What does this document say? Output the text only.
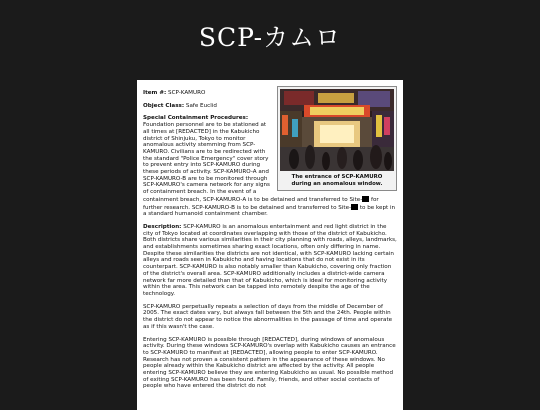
SCP-カムロ
The entrance of SCP-KAMURO during an anomalous window.
Item #: SCP-KAMURO
Object Class: Safe Euclid
Special Containment Procedures:

Foundation personnel are to be stationed at all times at [REDACTED] in the Kabukicho district of Shinjuku, Tokyo to monitor anomalous activity stemming from SCP-KAMURO. Civilians are to be redirected with the standard "Police Emergency" cover story to prevent entry into SCP-KAMURO during these periods of activity. SCP-KAMURO-A and SCP-KAMURO-B are to be monitored through SCP-KAMURO's camera network for any signs of containment breach. In the event of a containment breach, SCP-KAMURO-A is to be detained and transferred to Site- for further research. SCP-KAMURO-B is to be detained and transferred to Site- to be kept in a standard humanoid containment chamber.

Description: SCP-KAMURO is an anomalous entertainment and red light district in the city of Tokyo located at coordinates overlapping with those of the district of Kabukicho. Both districts share various similarities in their city planning with roads, alleys, landmarks, and establishments sometimes sharing exact locations, often only differing in name. Despite these similarities the districts are not identical, with SCP-KAMURO lacking certain alleys and roads seen in Kabukicho and having locations that do not exist in its counterpart. SCP-KAMURO is also notably smaller than Kabukicho, covering only fraction of the district's overall area. SCP-KAMURO additionally includes a district-wide camera network far more detailed than that of Kabukicho, which is ideal for monitoring activity within the area. This network can be tapped into remotely despite the age of the technology.

SCP-KAMURO perpetually repeats a selection of days from the middle of December of 2005. The exact dates vary, but always fall between the 5th and the 24th. People within the district do not appear to notice the abnormalities in the passage of time and operate as if this wasn't the case.

Entering SCP-KAMURO is possible through [REDACTED], during windows of anomalous activity. During these windows SCP-KAMURO's overlap with Kabukicho causes an entrance to SCP-KAMURO to manifest at [REDACTED], allowing people to enter SCP-KAMURO. Research has not proven a consistent pattern in the appearance of these windows. No people already within the Kabukicho district are affected by the activity. All people entering SCP-KAMURO believe they are entering Kabukicho as usual. No possible method of exiting SCP-KAMURO has been found. Family, friends, and other social contacts of people who have entered the district do not
